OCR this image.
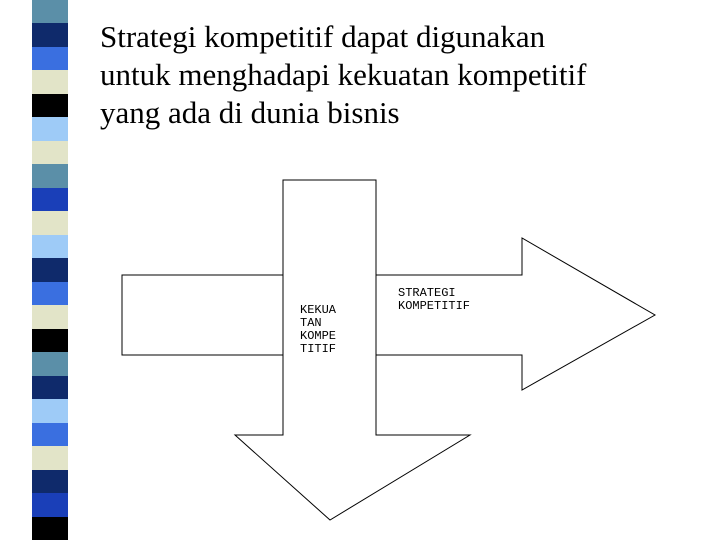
Strategi kompetitif dapat digunakan
untuk menghadapi kekuatan kompetitif
yang ada di dunia bisnis
KEKUA
TAN
KOMPE
TITIF
STRATEGI
KOMPETITIF
